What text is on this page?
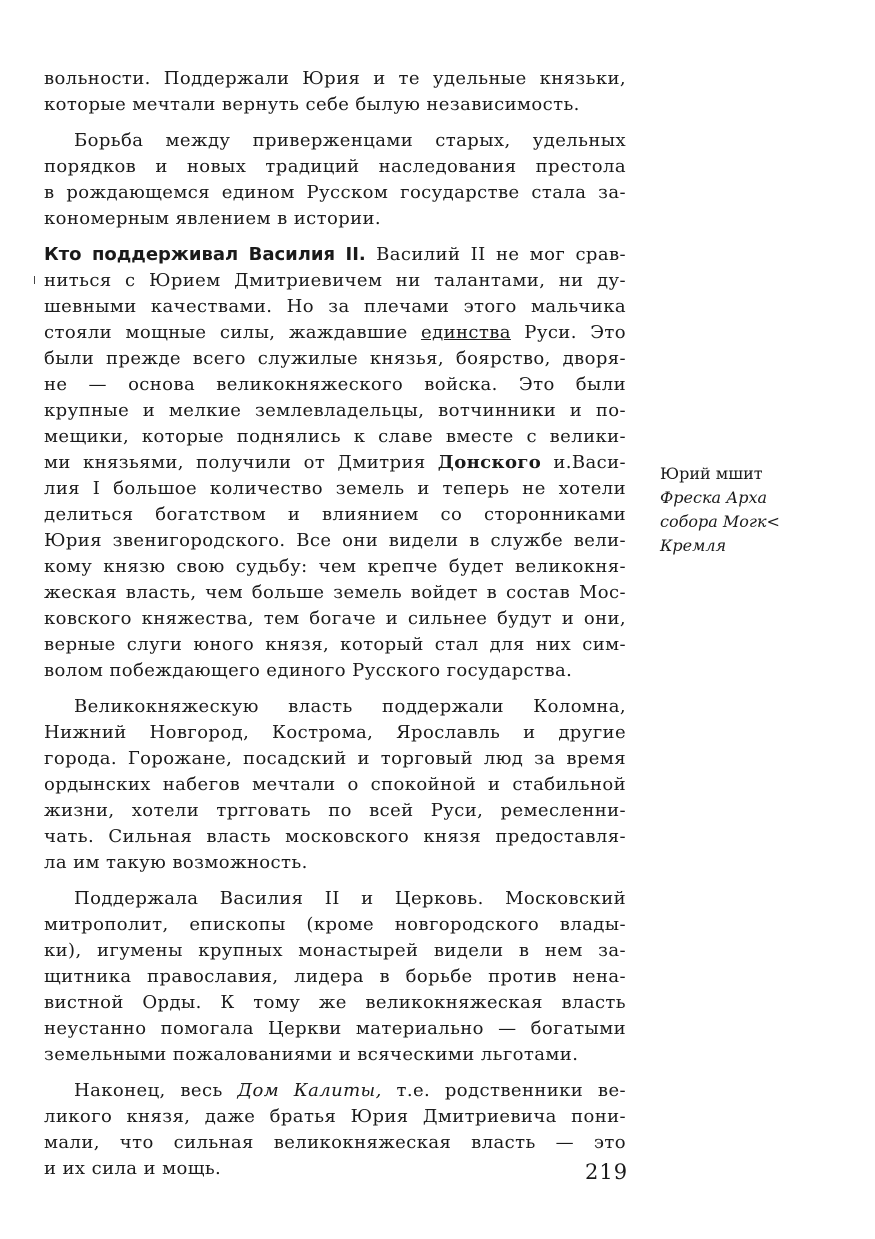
вольности. Поддержали Юрия и те удельные князьки,
которые мечтали вернуть себе былую независимость.
Борьба между приверженцами старых, удельных
порядков и новых традиций наследования престола
в рождающемся едином Русском государстве стала за-
кономерным явлением в истории.
Кто поддерживал Василия II. Василий II не мог срав-
ниться с Юрием Дмитриевичем ни талантами, ни ду-
шевными качествами. Но за плечами этого мальчика
стояли мощные силы, жаждавшие единства Руси. Это
были прежде всего служилые князья, боярство, дворя-
не — основа великокняжеского войска. Это были
крупные и мелкие землевладельцы, вотчинники и по-
мещики, которые поднялись к славе вместе с велики-
ми князьями, получили от Дмитрия Донского и.Васи-
лия I большое количество земель и теперь не хотели
делиться богатством и влиянием со сторонниками
Юрия звенигородского. Все они видели в службе вели-
кому князю свою судьбу: чем крепче будет великокня-
жеская власть, чем больше земель войдет в состав Мос-
ковского княжества, тем богаче и сильнее будут и они,
верные слуги юного князя, который стал для них сим-
волом побеждающего единого Русского государства.
Великокняжескую власть поддержали Коломна,
Нижний Новгород, Кострома, Ярославль и другие
города. Горожане, посадский и торговый люд за время
ордынских набегов мечтали о спокойной и стабильной
жизни, хотели трrговать по всей Руси, ремесленни-
чать. Сильная власть московского князя предоставля-
ла им такую возможность.
Поддержала Василия II и Церковь. Московский
митрополит, епископы (кроме новгородского влады-
ки), игумены крупных монастырей видели в нем за-
щитника православия, лидера в борьбе против нена-
вистной Орды. К тому же великокняжеская власть
неустанно помогала Церкви материально — богатыми
земельными пожалованиями и всяческими льготами.
Наконец, весь Дом Калиты, т.е. родственники ве-
ликого князя, даже братья Юрия Дмитриевича пони-
мали, что сильная великокняжеская власть — это
и их сила и мощь.
Юрий мшит
Фреска Арха
собора Могк<
Кремля
219
